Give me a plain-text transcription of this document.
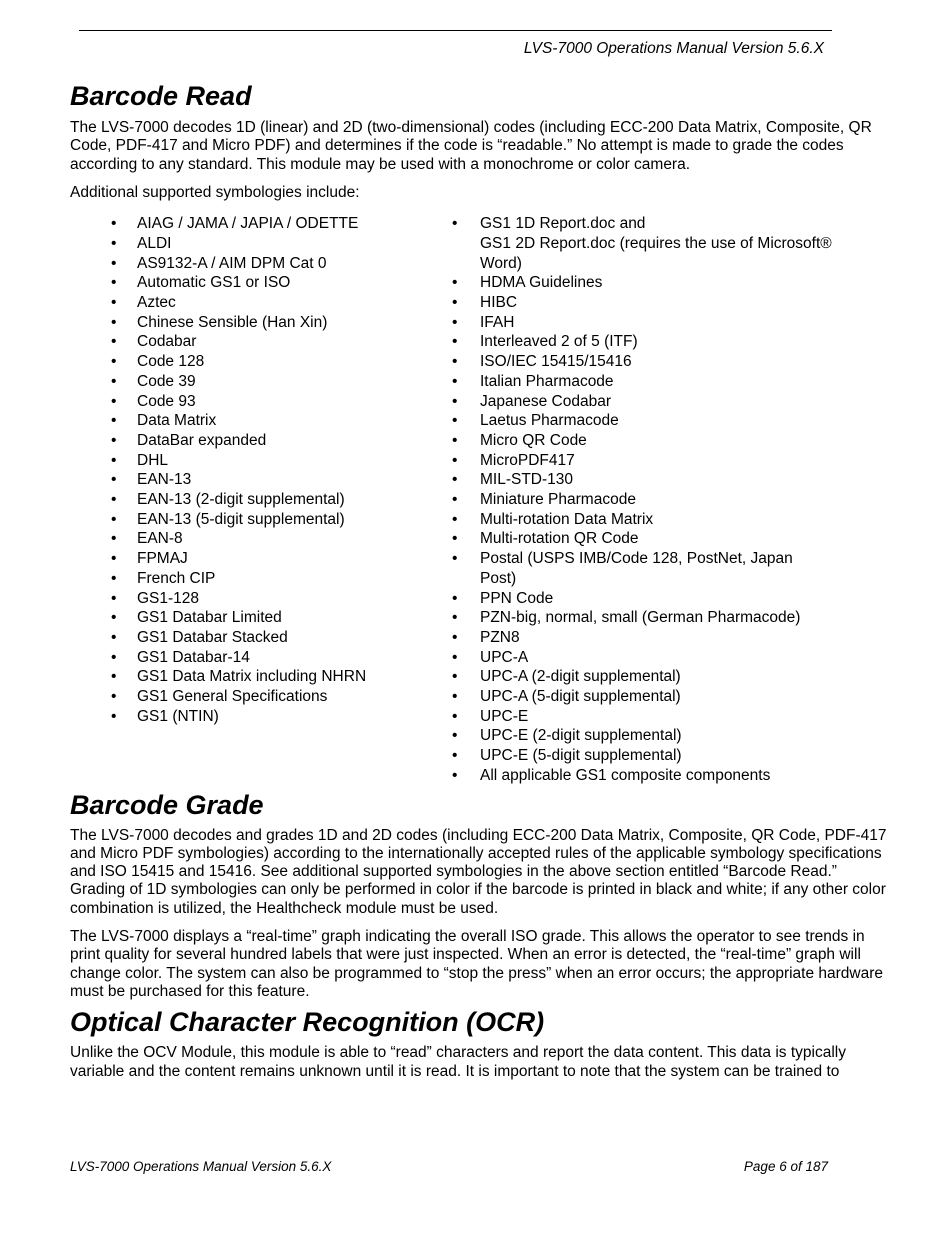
LVS-7000 Operations Manual Version 5.6.X
Barcode Read

The LVS-7000 decodes 1D (linear) and 2D (two-dimensional) codes (including ECC-200 Data Matrix, Composite, QR Code, PDF-417 and Micro PDF) and determines if the code is “readable.” No attempt is made to grade the codes according to any standard. This module may be used with a monochrome or color camera.

Additional supported symbologies include:

• AIAG / JAMA / JAPIA / ODETTE
• ALDI
• AS9132-A / AIM DPM Cat 0
• Automatic GS1 or ISO
• Aztec
• Chinese Sensible (Han Xin)
• Codabar
• Code 128
• Code 39
• Code 93
• Data Matrix
• DataBar expanded
• DHL
• EAN-13
• EAN-13 (2-digit supplemental)
• EAN-13 (5-digit supplemental)
• EAN-8
• FPMAJ
• French CIP
• GS1-128
• GS1 Databar Limited
• GS1 Databar Stacked
• GS1 Databar-14
• GS1 Data Matrix including NHRN
• GS1 General Specifications
• GS1 (NTIN)
• GS1 1D Report.doc and
GS1 2D Report.doc (requires the use of Microsoft® Word)
• HDMA Guidelines
• HIBC
• IFAH
• Interleaved 2 of 5 (ITF)
• ISO/IEC 15415/15416
• Italian Pharmacode
• Japanese Codabar
• Laetus Pharmacode
• Micro QR Code
• MicroPDF417
• MIL-STD-130
• Miniature Pharmacode
• Multi-rotation Data Matrix
• Multi-rotation QR Code
• Postal (USPS IMB/Code 128, PostNet, Japan Post)
• PPN Code
• PZN-big, normal, small (German Pharmacode)
• PZN8
• UPC-A
• UPC-A (2-digit supplemental)
• UPC-A (5-digit supplemental)
• UPC-E
• UPC-E (2-digit supplemental)
• UPC-E (5-digit supplemental)
• All applicable GS1 composite components
Barcode Grade

The LVS-7000 decodes and grades 1D and 2D codes (including ECC-200 Data Matrix, Composite, QR Code, PDF-417 and Micro PDF symbologies) according to the internationally accepted rules of the applicable symbology specifications and ISO 15415 and 15416. See additional supported symbologies in the above section entitled “Barcode Read.” Grading of 1D symbologies can only be performed in color if the barcode is printed in black and white; if any other color combination is utilized, the Healthcheck module must be used.

The LVS-7000 displays a “real-time” graph indicating the overall ISO grade. This allows the operator to see trends in print quality for several hundred labels that were just inspected. When an error is detected, the “real-time” graph will change color. The system can also be programmed to “stop the press” when an error occurs; the appropriate hardware must be purchased for this feature.

Optical Character Recognition (OCR)

Unlike the OCV Module, this module is able to “read” characters and report the data content. This data is typically variable and the content remains unknown until it is read. It is important to note that the system can be trained to

LVS-7000 Operations Manual Version 5.6.X	Page 6 of 187
